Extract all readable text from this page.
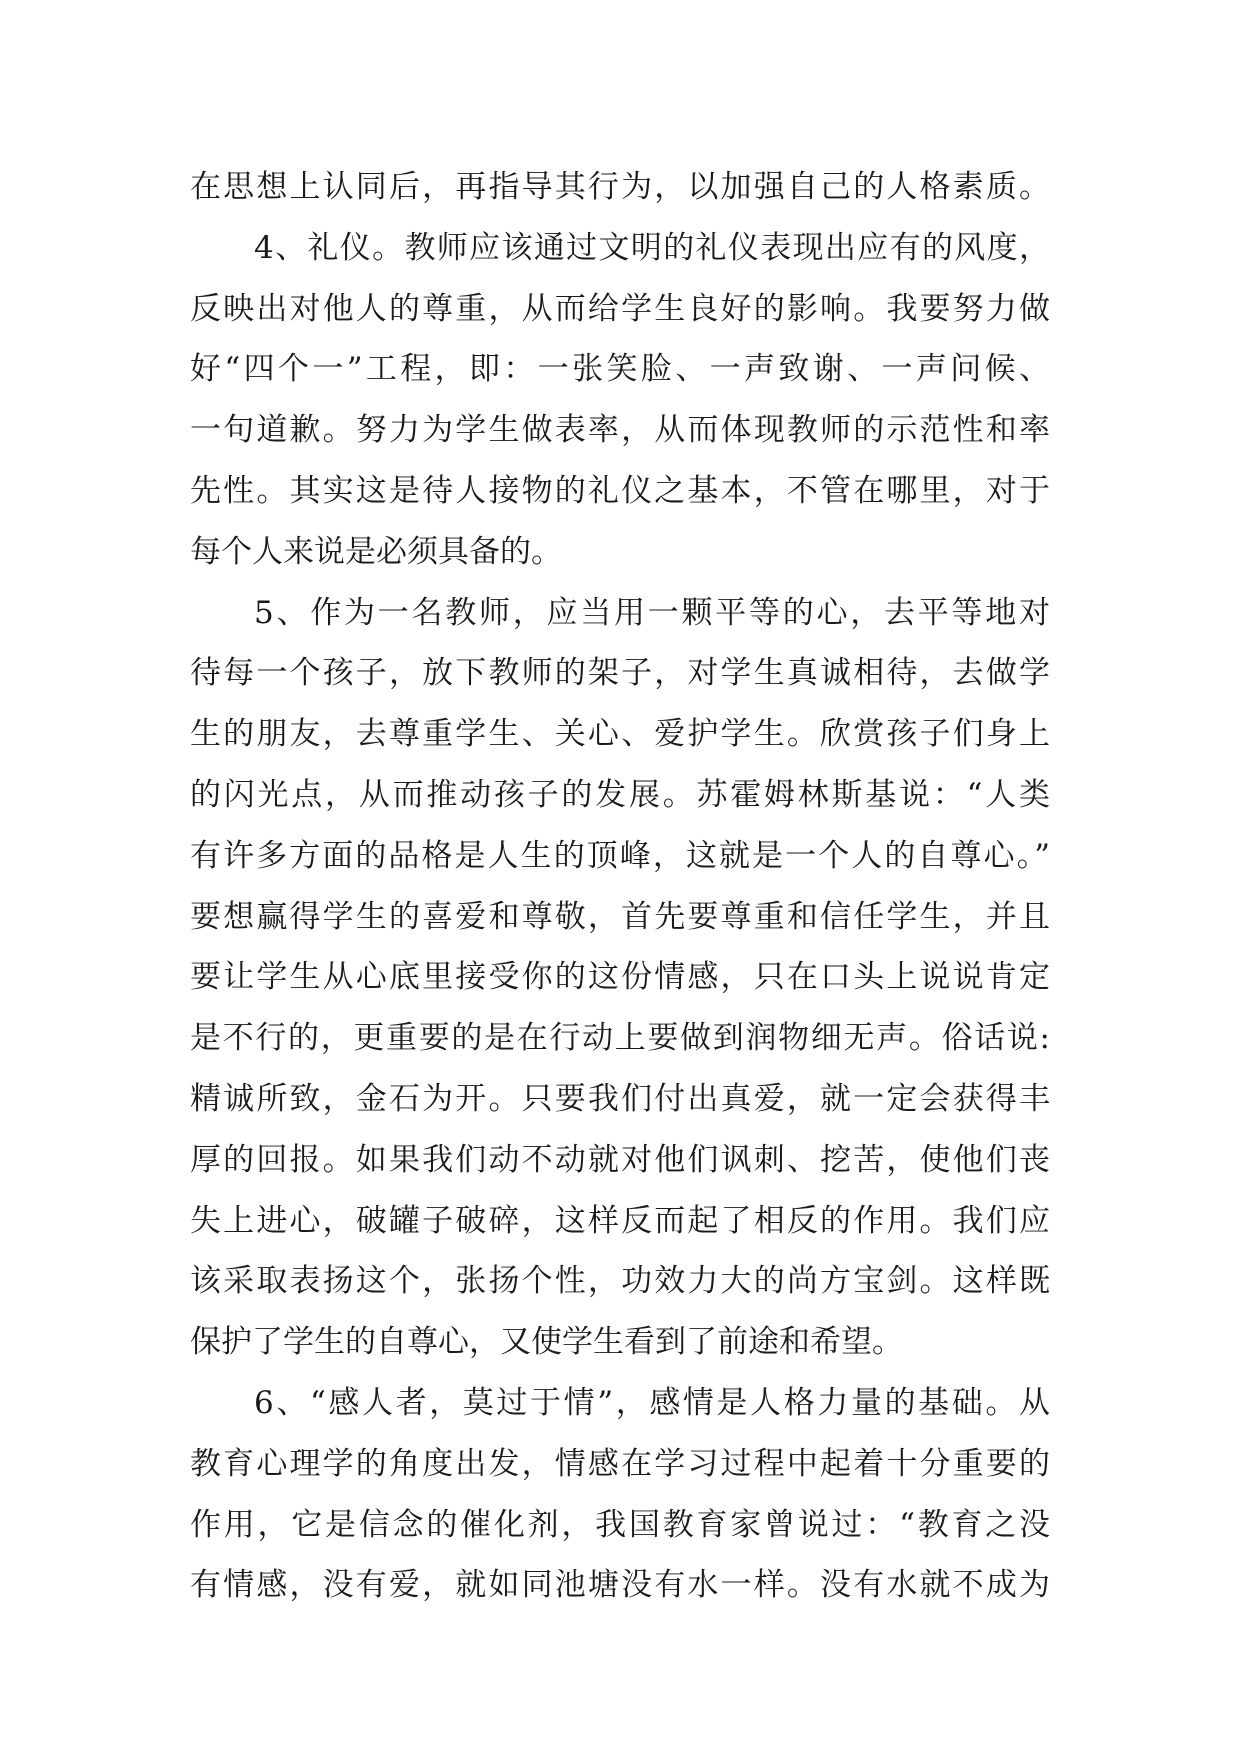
在思想上认同后，再指导其行为，以加强自己的人格素质。
4、礼仪。教师应该通过文明的礼仪表现出应有的风度，
反映出对他人的尊重，从而给学生良好的影响。我要努力做
好“四个一”工程，即：一张笑脸、一声致谢、一声问候、
一句道歉。努力为学生做表率，从而体现教师的示范性和率
先性。其实这是待人接物的礼仪之基本，不管在哪里，对于
每个人来说是必须具备的。
5、作为一名教师，应当用一颗平等的心，去平等地对
待每一个孩子，放下教师的架子，对学生真诚相待，去做学
生的朋友，去尊重学生、关心、爱护学生。欣赏孩子们身上
的闪光点，从而推动孩子的发展。苏霍姆林斯基说：“人类
有许多方面的品格是人生的顶峰，这就是一个人的自尊心。”
要想赢得学生的喜爱和尊敬，首先要尊重和信任学生，并且
要让学生从心底里接受你的这份情感，只在口头上说说肯定
是不行的，更重要的是在行动上要做到润物细无声。俗话说:
精诚所致，金石为开。只要我们付出真爱，就一定会获得丰
厚的回报。如果我们动不动就对他们讽刺、挖苦，使他们丧
失上进心，破罐子破碎，这样反而起了相反的作用。我们应
该采取表扬这个，张扬个性，功效力大的尚方宝剑。这样既
保护了学生的自尊心，又使学生看到了前途和希望。
6、“感人者，莫过于情”，感情是人格力量的基础。从
教育心理学的角度出发，情感在学习过程中起着十分重要的
作用，它是信念的催化剂，我国教育家曾说过：“教育之没
有情感，没有爱，就如同池塘没有水一样。没有水就不成为
